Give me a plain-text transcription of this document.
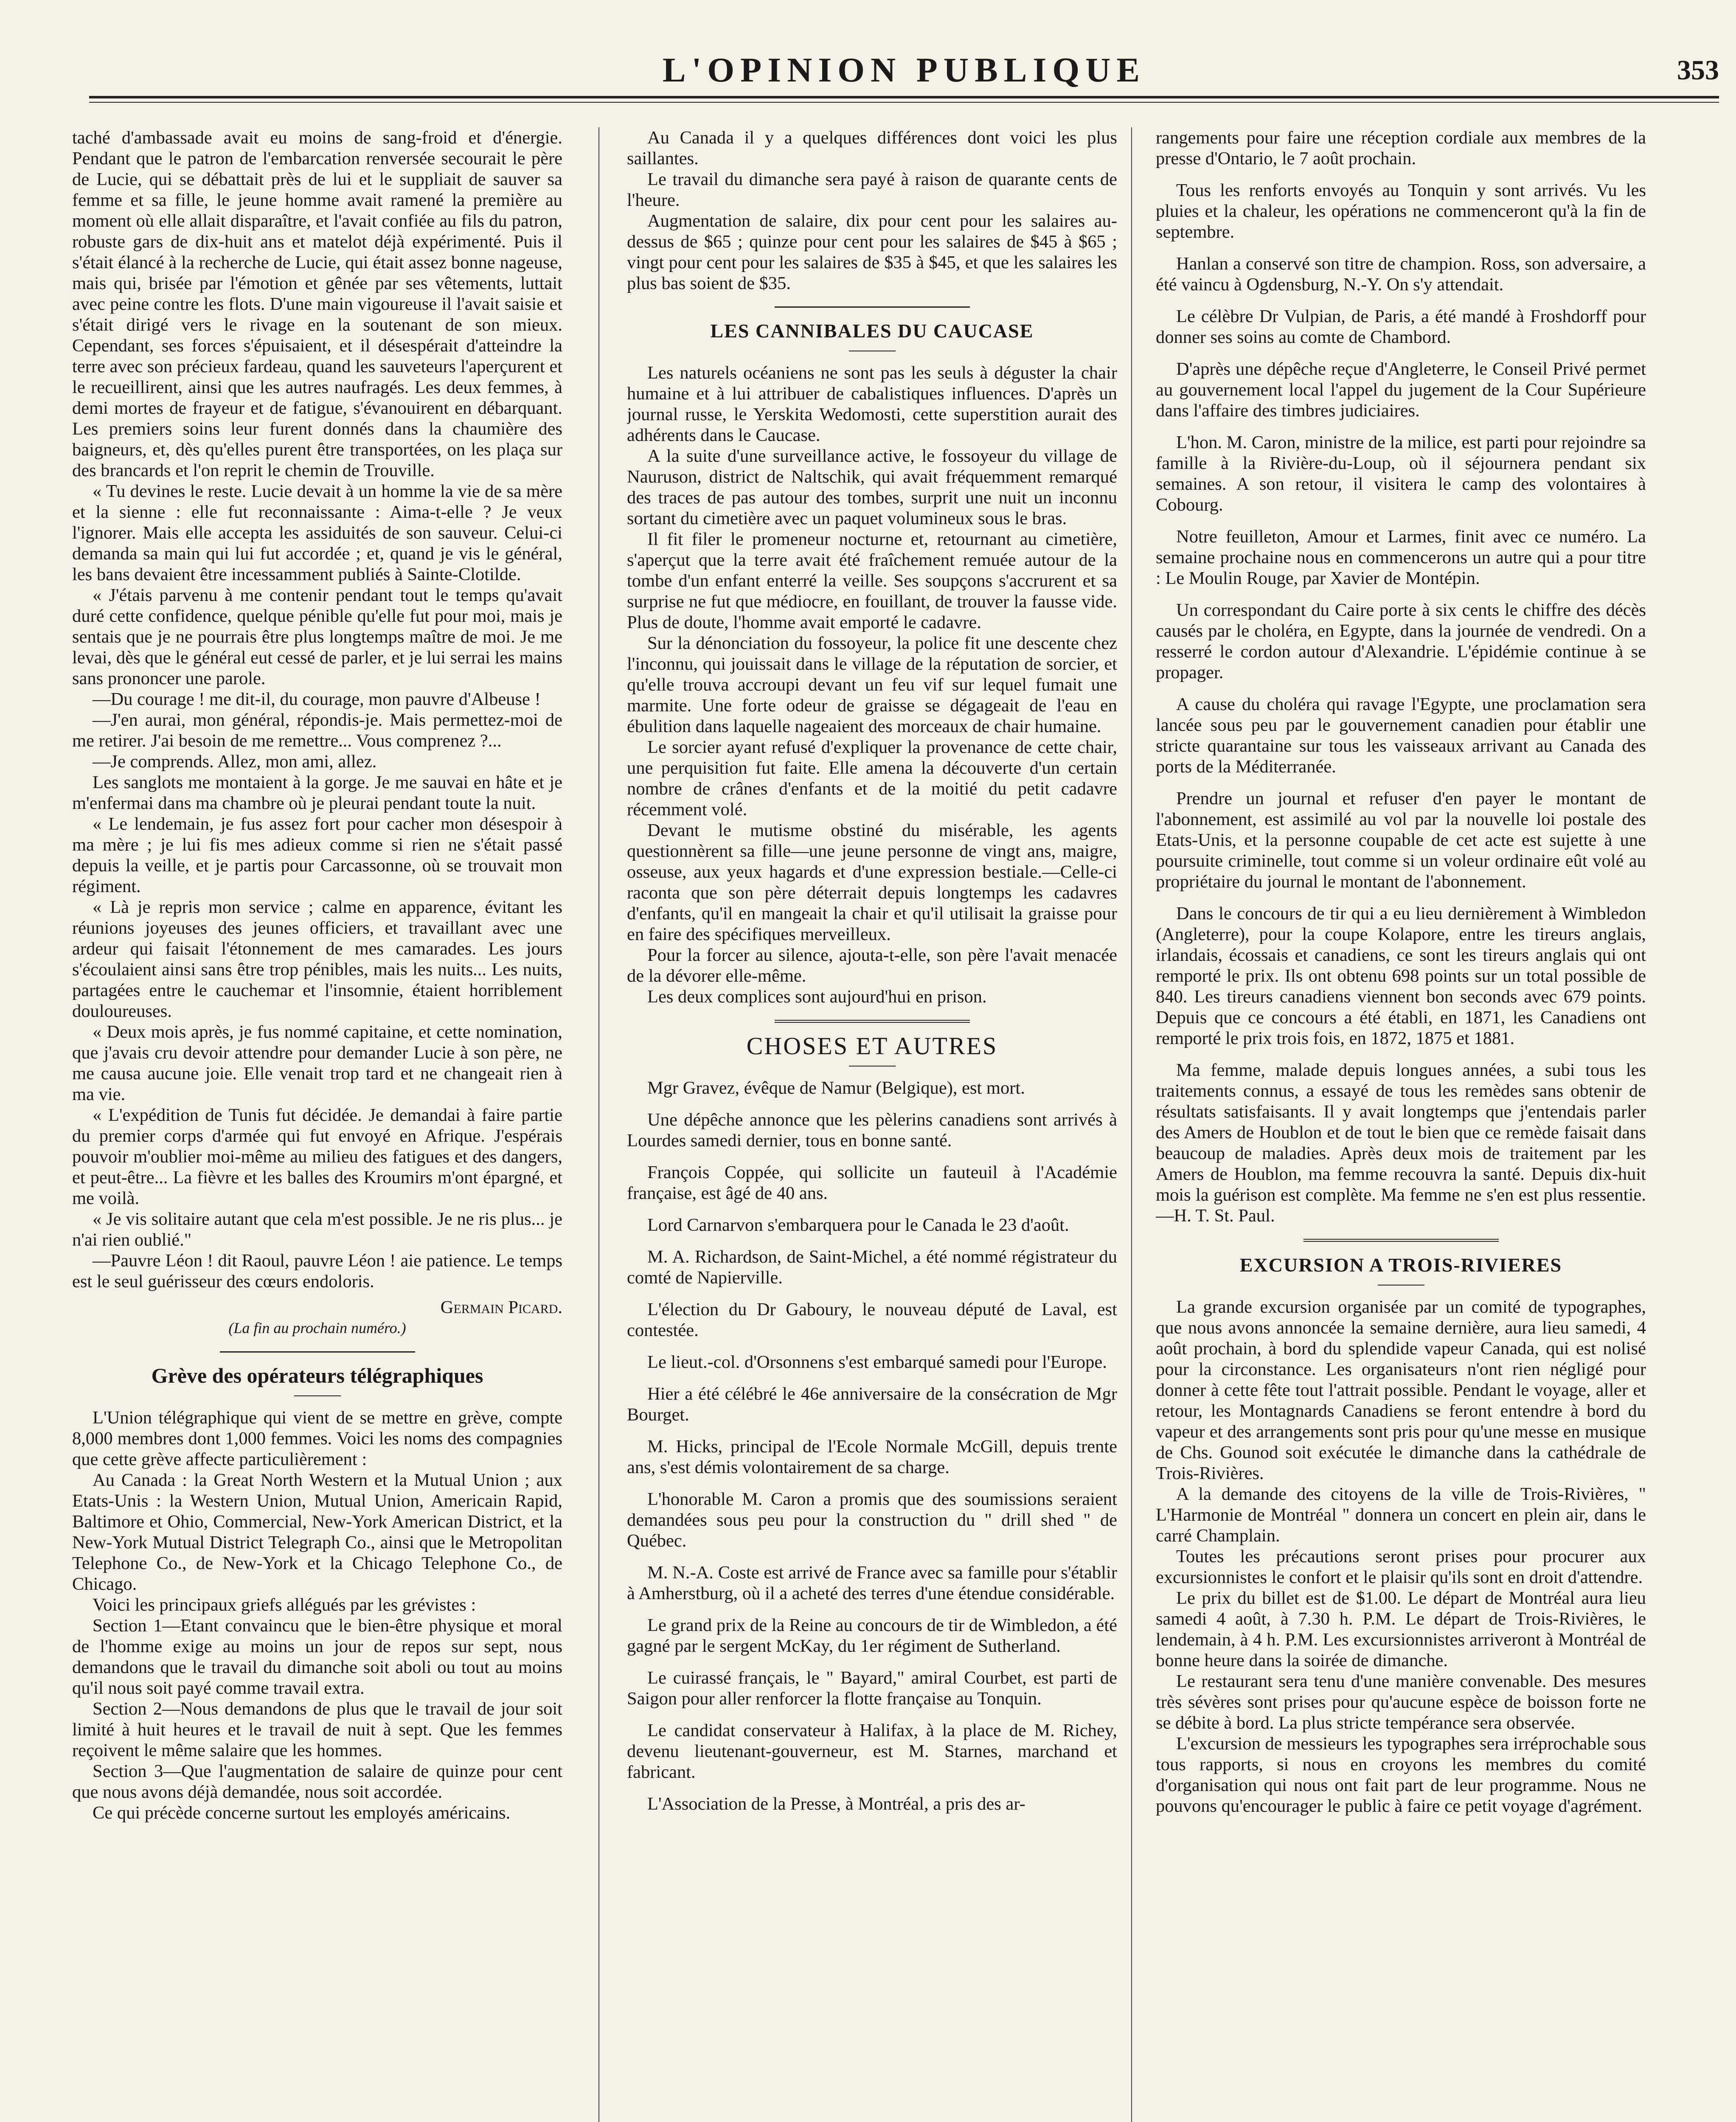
L'OPINION PUBLIQUE	353

taché d'ambassade avait eu moins de sang-froid et d'énergie. Pendant que le patron de l'embarcation renversée secourait le père de Lucie, qui se débattait près de lui et le suppliait de sauver sa femme et sa fille, le jeune homme avait ramené la première au moment où elle allait disparaître, et l'avait confiée au fils du patron, robuste gars de dix-huit ans et matelot déjà expérimenté. Puis il s'était élancé à la recherche de Lucie, qui était assez bonne nageuse, mais qui, brisée par l'émotion et gênée par ses vêtements, luttait avec peine contre les flots. D'une main vigoureuse il l'avait saisie et s'était dirigé vers le rivage en la soutenant de son mieux. Cependant, ses forces s'épuisaient, et il désespérait d'atteindre la terre avec son précieux fardeau, quand les sauveteurs l'aperçurent et le recueillirent, ainsi que les autres naufragés. Les deux femmes, à demi mortes de frayeur et de fatigue, s'évanouirent en débarquant. Les premiers soins leur furent donnés dans la chaumière des baigneurs, et, dès qu'elles purent être transportées, on les plaça sur des brancards et l'on reprit le chemin de Trouville.

« Tu devines le reste. Lucie devait à un homme la vie de sa mère et la sienne : elle fut reconnaissante : Aima-t-elle ? Je veux l'ignorer. Mais elle accepta les assiduités de son sauveur. Celui-ci demanda sa main qui lui fut accordée ; et, quand je vis le général, les bans devaient être incessamment publiés à Sainte-Clotilde.

« J'étais parvenu à me contenir pendant tout le temps qu'avait duré cette confidence, quelque pénible qu'elle fut pour moi, mais je sentais que je ne pourrais être plus longtemps maître de moi. Je me levai, dès que le général eut cessé de parler, et je lui serrai les mains sans prononcer une parole.

—Du courage ! me dit-il, du courage, mon pauvre d'Albeuse !

—J'en aurai, mon général, répondis-je. Mais permettez-moi de me retirer. J'ai besoin de me remettre... Vous comprenez ?...

—Je comprends. Allez, mon ami, allez.

Les sanglots me montaient à la gorge. Je me sauvai en hâte et je m'enfermai dans ma chambre où je pleurai pendant toute la nuit.

« Le lendemain, je fus assez fort pour cacher mon désespoir à ma mère ; je lui fis mes adieux comme si rien ne s'était passé depuis la veille, et je partis pour Carcassonne, où se trouvait mon régiment.

« Là je repris mon service ; calme en apparence, évitant les réunions joyeuses des jeunes officiers, et travaillant avec une ardeur qui faisait l'étonnement de mes camarades. Les jours s'écoulaient ainsi sans être trop pénibles, mais les nuits... Les nuits, partagées entre le cauchemar et l'insomnie, étaient horriblement douloureuses.

« Deux mois après, je fus nommé capitaine, et cette nomination, que j'avais cru devoir attendre pour demander Lucie à son père, ne me causa aucune joie. Elle venait trop tard et ne changeait rien à ma vie.

« L'expédition de Tunis fut décidée. Je demandai à faire partie du premier corps d'armée qui fut envoyé en Afrique. J'espérais pouvoir m'oublier moi-même au milieu des fatigues et des dangers, et peut-être... La fièvre et les balles des Kroumirs m'ont épargné, et me voilà.

« Je vis solitaire autant que cela m'est possible. Je ne ris plus... je n'ai rien oublié."

—Pauvre Léon ! dit Raoul, pauvre Léon ! aie patience. Le temps est le seul guérisseur des cœurs endoloris.

Germain Picard.

(La fin au prochain numéro.)

Grève des opérateurs télégraphiques

L'Union télégraphique qui vient de se mettre en grève, compte 8,000 membres dont 1,000 femmes. Voici les noms des compagnies que cette grève affecte particulièrement :

Au Canada : la Great North Western et la Mutual Union ; aux Etats-Unis : la Western Union, Mutual Union, Americain Rapid, Baltimore et Ohio, Commercial, New-York American District, et la New-York Mutual District Telegraph Co., ainsi que le Metropolitan Telephone Co., de New-York et la Chicago Telephone Co., de Chicago.

Voici les principaux griefs allégués par les grévistes :

Section 1—Etant convaincu que le bien-être physique et moral de l'homme exige au moins un jour de repos sur sept, nous demandons que le travail du dimanche soit aboli ou tout au moins qu'il nous soit payé comme travail extra.

Section 2—Nous demandons de plus que le travail de jour soit limité à huit heures et le travail de nuit à sept. Que les femmes reçoivent le même salaire que les hommes.

Section 3—Que l'augmentation de salaire de quinze pour cent que nous avons déjà demandée, nous soit accordée.

Ce qui précède concerne surtout les employés américains.

Au Canada il y a quelques différences dont voici les plus saillantes.

Le travail du dimanche sera payé à raison de quarante cents de l'heure.

Augmentation de salaire, dix pour cent pour les salaires au-dessus de $65 ; quinze pour cent pour les salaires de $45 à $65 ; vingt pour cent pour les salaires de $35 à $45, et que les salaires les plus bas soient de $35.

LES CANNIBALES DU CAUCASE

Les naturels océaniens ne sont pas les seuls à déguster la chair humaine et à lui attribuer de cabalistiques influences. D'après un journal russe, le Yerskita Wedomosti, cette superstition aurait des adhérents dans le Caucase.

A la suite d'une surveillance active, le fossoyeur du village de Nauruson, district de Naltschik, qui avait fréquemment remarqué des traces de pas autour des tombes, surprit une nuit un inconnu sortant du cimetière avec un paquet volumineux sous le bras.

Il fit filer le promeneur nocturne et, retournant au cimetière, s'aperçut que la terre avait été fraîchement remuée autour de la tombe d'un enfant enterré la veille. Ses soupçons s'accrurent et sa surprise ne fut que médiocre, en fouillant, de trouver la fausse vide. Plus de doute, l'homme avait emporté le cadavre.

Sur la dénonciation du fossoyeur, la police fit une descente chez l'inconnu, qui jouissait dans le village de la réputation de sorcier, et qu'elle trouva accroupi devant un feu vif sur lequel fumait une marmite. Une forte odeur de graisse se dégageait de l'eau en ébulition dans laquelle nageaient des morceaux de chair humaine.

Le sorcier ayant refusé d'expliquer la provenance de cette chair, une perquisition fut faite. Elle amena la découverte d'un certain nombre de crânes d'enfants et de la moitié du petit cadavre récemment volé.

Devant le mutisme obstiné du misérable, les agents questionnèrent sa fille—une jeune personne de vingt ans, maigre, osseuse, aux yeux hagards et d'une expression bestiale.—Celle-ci raconta que son père déterrait depuis longtemps les cadavres d'enfants, qu'il en mangeait la chair et qu'il utilisait la graisse pour en faire des spécifiques merveilleux.

Pour la forcer au silence, ajouta-t-elle, son père l'avait menacée de la dévorer elle-même.

Les deux complices sont aujourd'hui en prison.

CHOSES ET AUTRES

Mgr Gravez, évêque de Namur (Belgique), est mort.

Une dépêche annonce que les pèlerins canadiens sont arrivés à Lourdes samedi dernier, tous en bonne santé.

François Coppée, qui sollicite un fauteuil à l'Académie française, est âgé de 40 ans.

Lord Carnarvon s'embarquera pour le Canada le 23 d'août.

M. A. Richardson, de Saint-Michel, a été nommé régistrateur du comté de Napierville.

L'élection du Dr Gaboury, le nouveau député de Laval, est contestée.

Le lieut.-col. d'Orsonnens s'est embarqué samedi pour l'Europe.

Hier a été célébré le 46e anniversaire de la consécration de Mgr Bourget.

M. Hicks, principal de l'Ecole Normale McGill, depuis trente ans, s'est démis volontairement de sa charge.

L'honorable M. Caron a promis que des soumissions seraient demandées sous peu pour la construction du " drill shed " de Québec.

M. N.-A. Coste est arrivé de France avec sa famille pour s'établir à Amherstburg, où il a acheté des terres d'une étendue considérable.

Le grand prix de la Reine au concours de tir de Wimbledon, a été gagné par le sergent McKay, du 1er régiment de Sutherland.

Le cuirassé français, le " Bayard," amiral Courbet, est parti de Saigon pour aller renforcer la flotte française au Tonquin.

Le candidat conservateur à Halifax, à la place de M. Richey, devenu lieutenant-gouverneur, est M. Starnes, marchand et fabricant.

L'Association de la Presse, à Montréal, a pris des ar-

rangements pour faire une réception cordiale aux membres de la presse d'Ontario, le 7 août prochain.

Tous les renforts envoyés au Tonquin y sont arrivés. Vu les pluies et la chaleur, les opérations ne commenceront qu'à la fin de septembre.

Hanlan a conservé son titre de champion. Ross, son adversaire, a été vaincu à Ogdensburg, N.-Y. On s'y attendait.

Le célèbre Dr Vulpian, de Paris, a été mandé à Froshdorff pour donner ses soins au comte de Chambord.

D'après une dépêche reçue d'Angleterre, le Conseil Privé permet au gouvernement local l'appel du jugement de la Cour Supérieure dans l'affaire des timbres judiciaires.

L'hon. M. Caron, ministre de la milice, est parti pour rejoindre sa famille à la Rivière-du-Loup, où il séjournera pendant six semaines. A son retour, il visitera le camp des volontaires à Cobourg.

Notre feuilleton, Amour et Larmes, finit avec ce numéro. La semaine prochaine nous en commencerons un autre qui a pour titre : Le Moulin Rouge, par Xavier de Montépin.

Un correspondant du Caire porte à six cents le chiffre des décès causés par le choléra, en Egypte, dans la journée de vendredi. On a resserré le cordon autour d'Alexandrie. L'épidémie continue à se propager.

A cause du choléra qui ravage l'Egypte, une proclamation sera lancée sous peu par le gouvernement canadien pour établir une stricte quarantaine sur tous les vaisseaux arrivant au Canada des ports de la Méditerranée.

Prendre un journal et refuser d'en payer le montant de l'abonnement, est assimilé au vol par la nouvelle loi postale des Etats-Unis, et la personne coupable de cet acte est sujette à une poursuite criminelle, tout comme si un voleur ordinaire eût volé au propriétaire du journal le montant de l'abonnement.

Dans le concours de tir qui a eu lieu dernièrement à Wimbledon (Angleterre), pour la coupe Kolapore, entre les tireurs anglais, irlandais, écossais et canadiens, ce sont les tireurs anglais qui ont remporté le prix. Ils ont obtenu 698 points sur un total possible de 840. Les tireurs canadiens viennent bon seconds avec 679 points. Depuis que ce concours a été établi, en 1871, les Canadiens ont remporté le prix trois fois, en 1872, 1875 et 1881.

Ma femme, malade depuis longues années, a subi tous les traitements connus, a essayé de tous les remèdes sans obtenir de résultats satisfaisants. Il y avait longtemps que j'entendais parler des Amers de Houblon et de tout le bien que ce remède faisait dans beaucoup de maladies. Après deux mois de traitement par les Amers de Houblon, ma femme recouvra la santé. Depuis dix-huit mois la guérison est complète. Ma femme ne s'en est plus ressentie.—H. T. St. Paul.

EXCURSION A TROIS-RIVIERES

La grande excursion organisée par un comité de typographes, que nous avons annoncée la semaine dernière, aura lieu samedi, 4 août prochain, à bord du splendide vapeur Canada, qui est nolisé pour la circonstance. Les organisateurs n'ont rien négligé pour donner à cette fête tout l'attrait possible. Pendant le voyage, aller et retour, les Montagnards Canadiens se feront entendre à bord du vapeur et des arrangements sont pris pour qu'une messe en musique de Chs. Gounod soit exécutée le dimanche dans la cathédrale de Trois-Rivières.

A la demande des citoyens de la ville de Trois-Rivières, " L'Harmonie de Montréal " donnera un concert en plein air, dans le carré Champlain.

Toutes les précautions seront prises pour procurer aux excursionnistes le confort et le plaisir qu'ils sont en droit d'attendre.

Le prix du billet est de $1.00. Le départ de Montréal aura lieu samedi 4 août, à 7.30 h. P.M. Le départ de Trois-Rivières, le lendemain, à 4 h. P.M. Les excursionnistes arriveront à Montréal de bonne heure dans la soirée de dimanche.

Le restaurant sera tenu d'une manière convenable. Des mesures très sévères sont prises pour qu'aucune espèce de boisson forte ne se débite à bord. La plus stricte tempérance sera observée.

L'excursion de messieurs les typographes sera irréprochable sous tous rapports, si nous en croyons les membres du comité d'organisation qui nous ont fait part de leur programme. Nous ne pouvons qu'encourager le public à faire ce petit voyage d'agrément.
